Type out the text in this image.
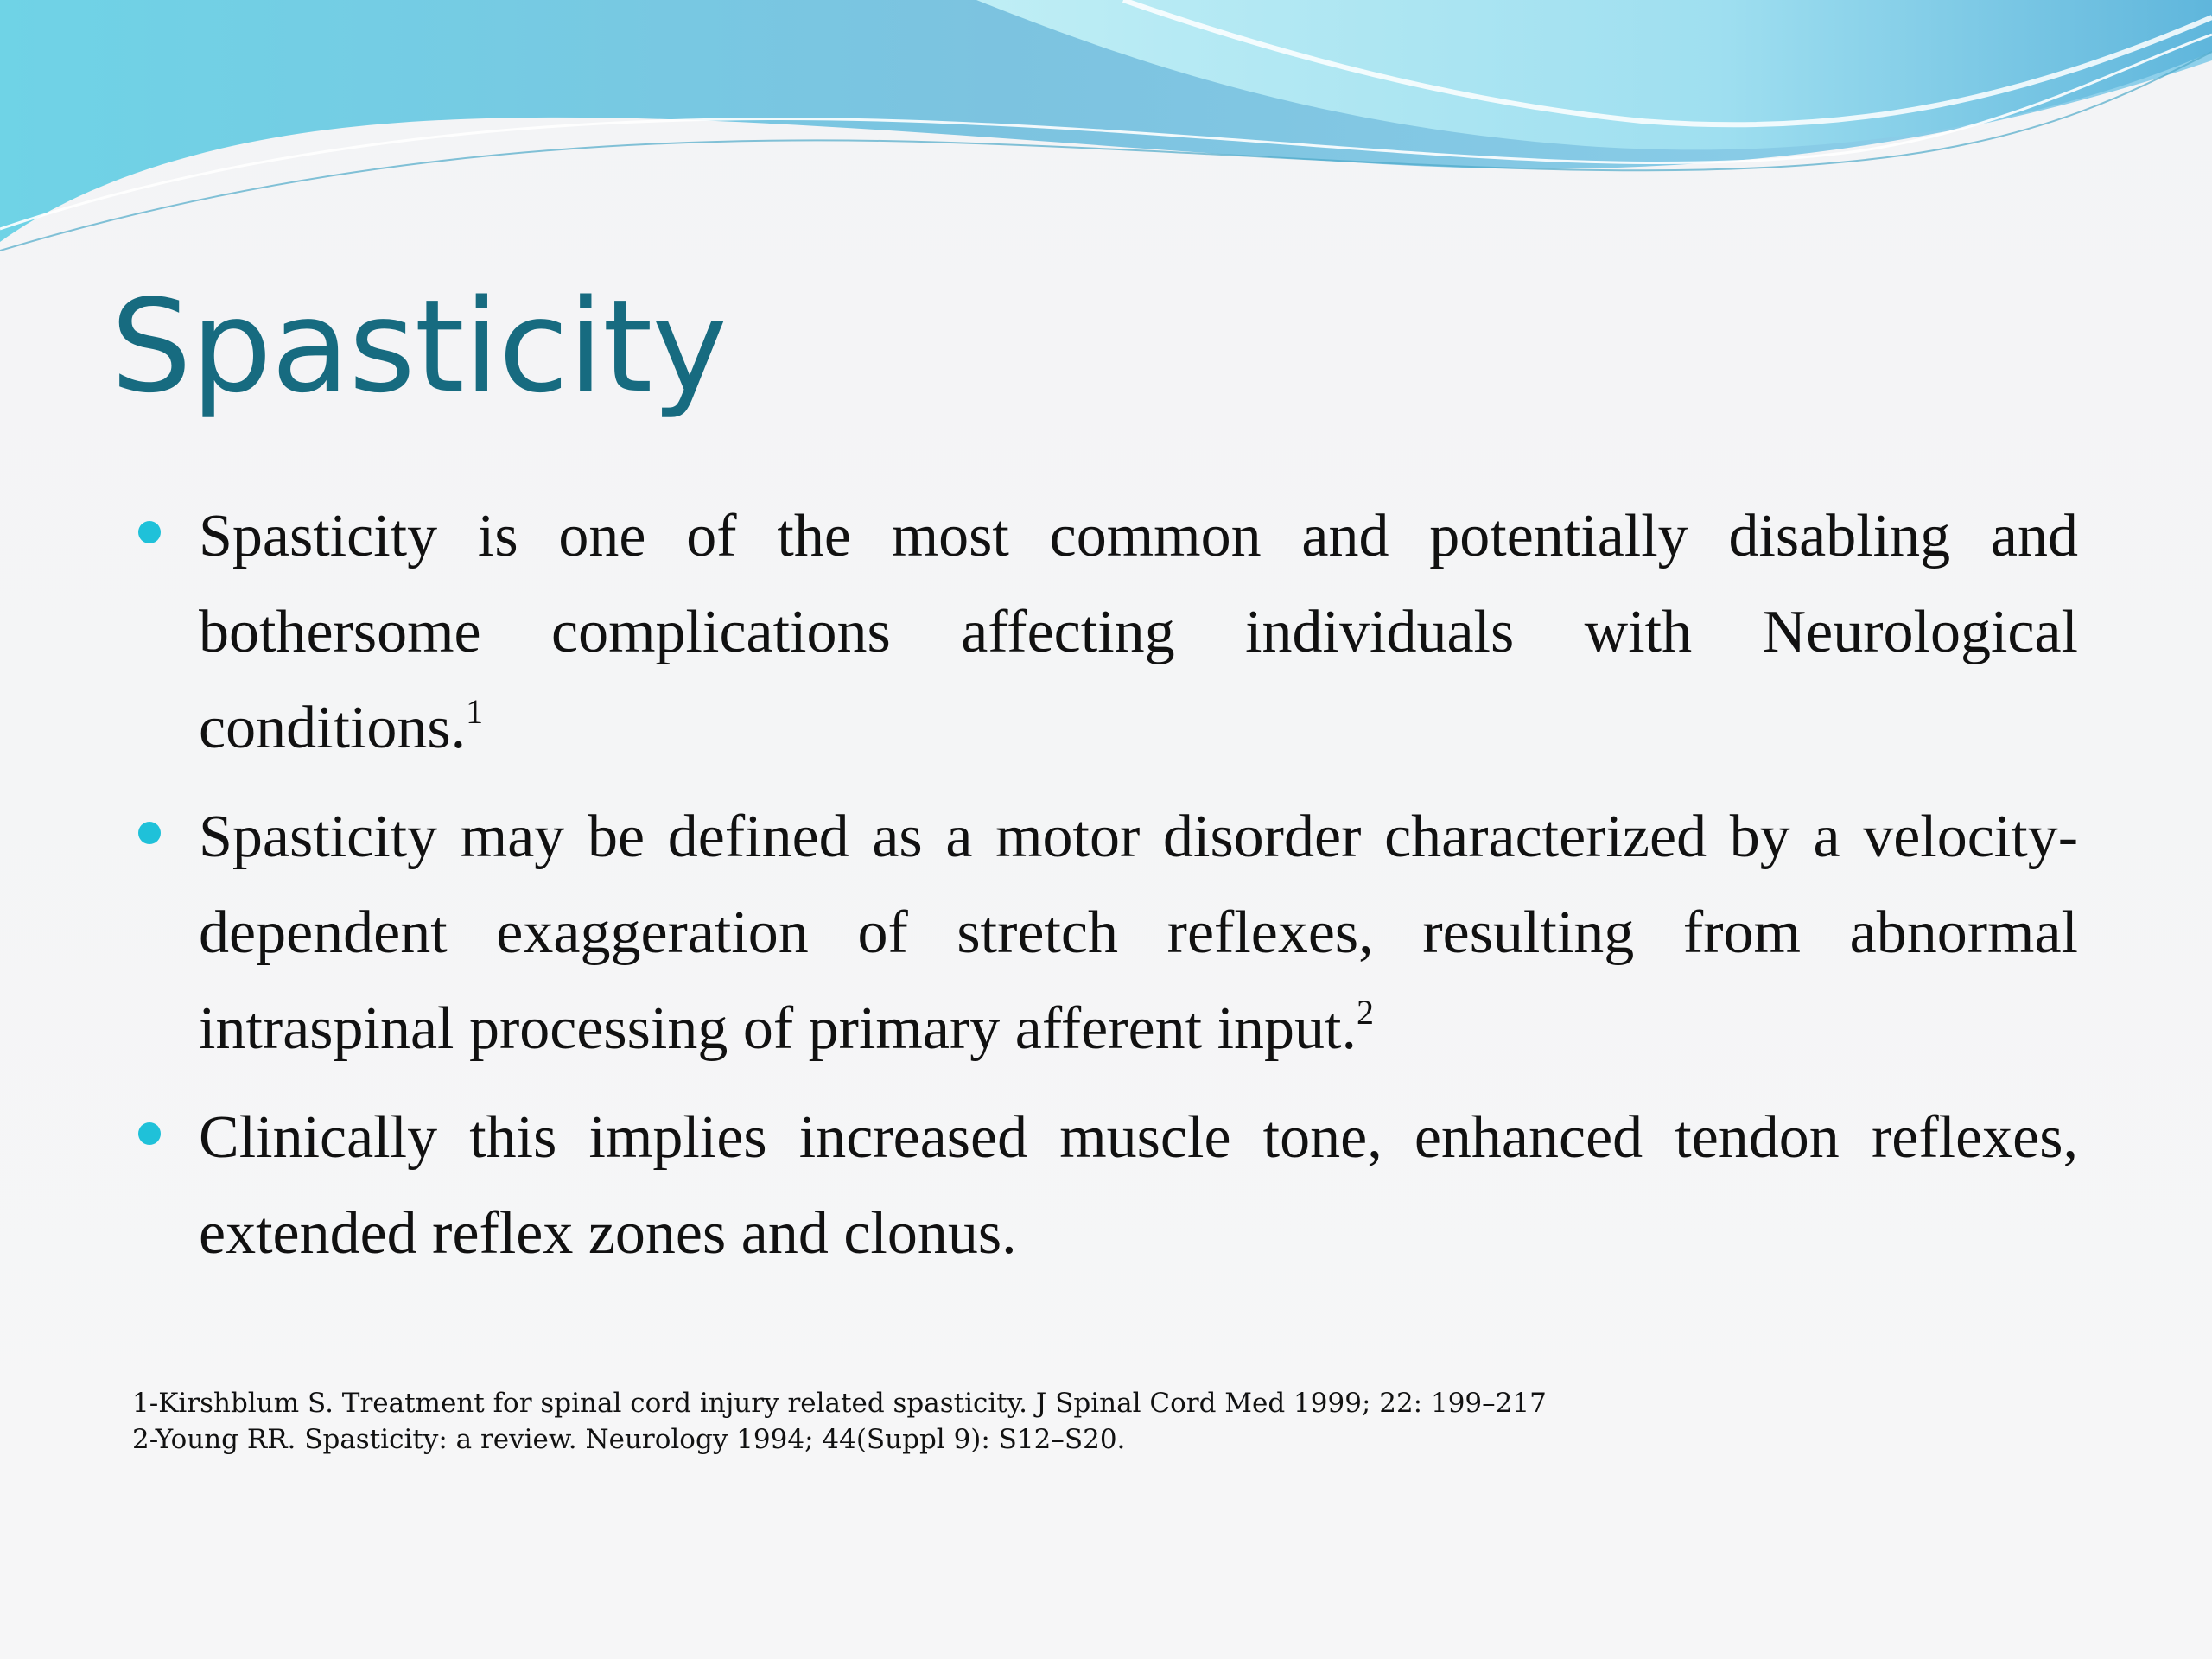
Spasticity
Spasticity is one of the most common and potentially disabling and bothersome complications affecting individuals with Neurological conditions.$^1$
Spasticity may be defined as a motor disorder characterized by a velocity-dependent exaggeration of stretch reflexes, resulting from abnormal intraspinal processing of primary afferent input.$^2$
Clinically this implies increased muscle tone, enhanced tendon reflexes, extended reflex zones and clonus.
1-Kirshblum S. Treatment for spinal cord injury related spasticity. J Spinal Cord Med 1999; 22: 199–217
2-Young RR. Spasticity: a review. Neurology 1994; 44(Suppl 9): S12–S20.
